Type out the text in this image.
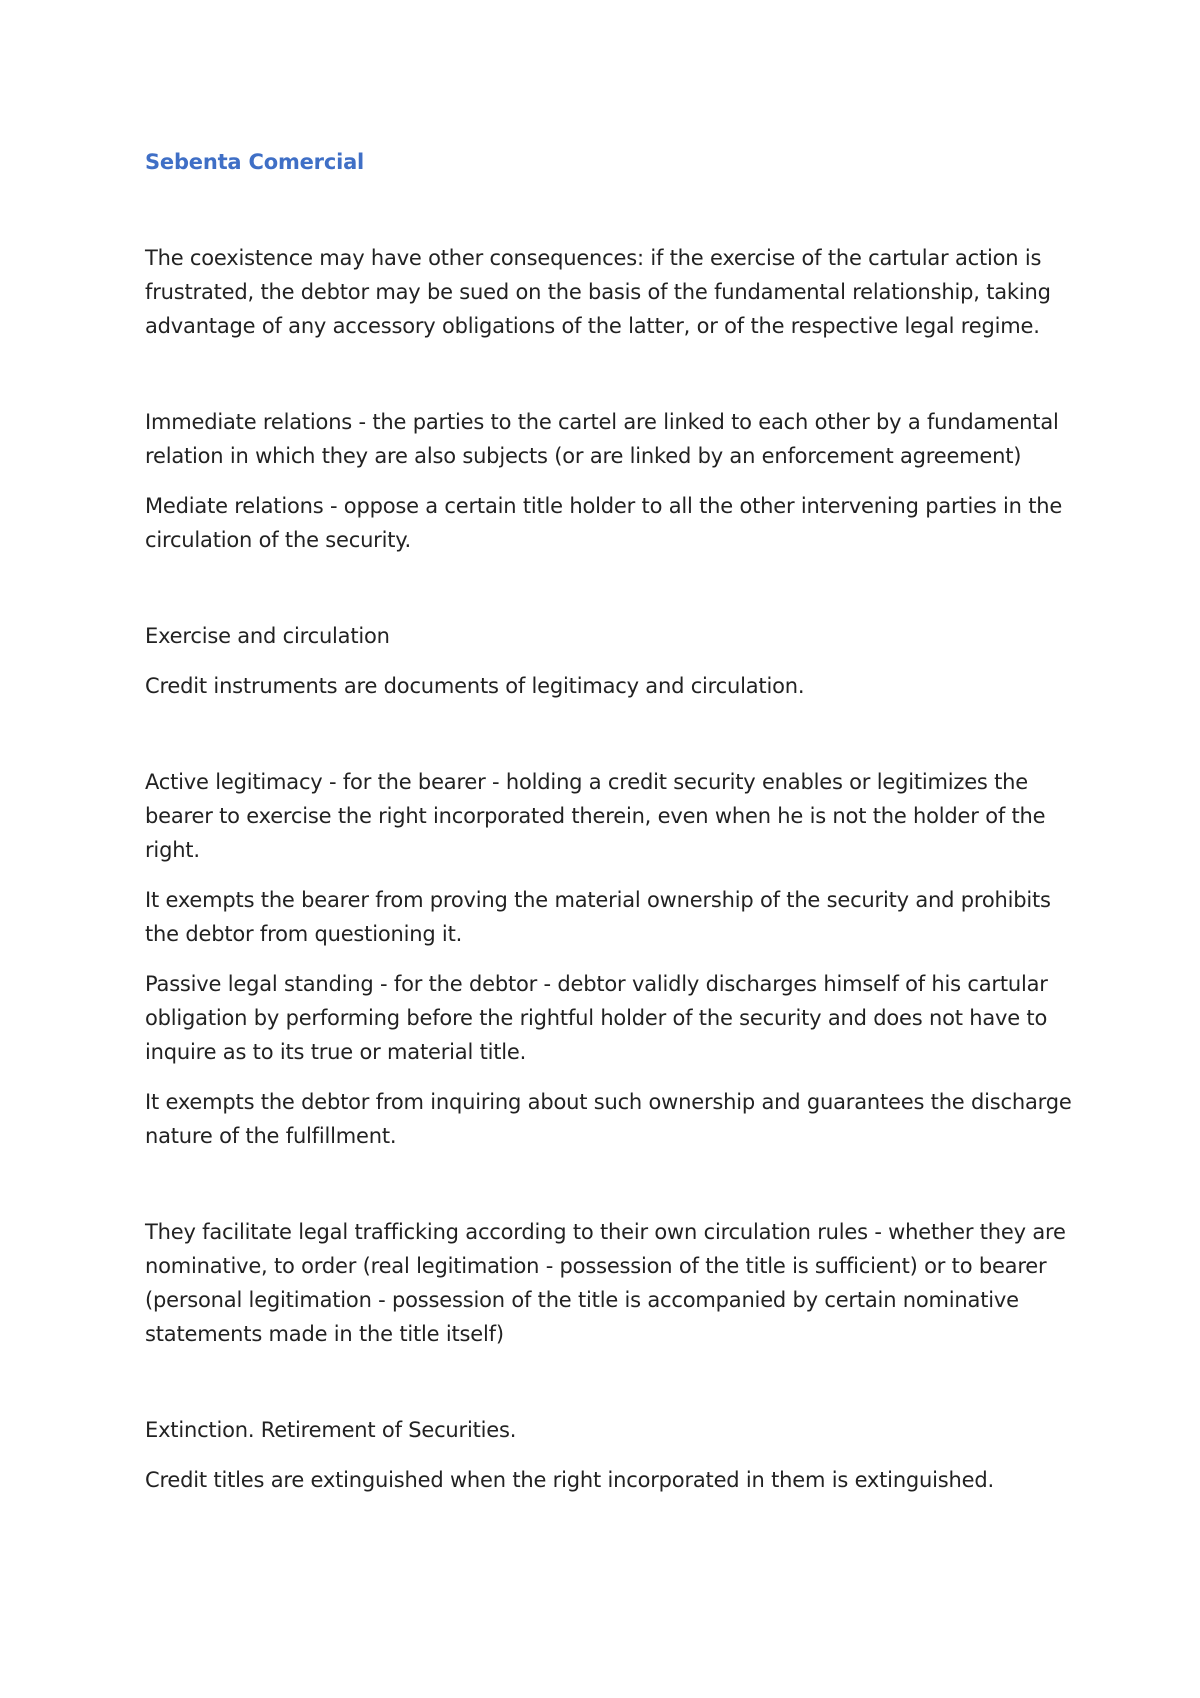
Sebenta Comercial

The coexistence may have other consequences: if the exercise of the cartular action is frustrated, the debtor may be sued on the basis of the fundamental relationship, taking advantage of any accessory obligations of the latter, or of the respective legal regime.

Immediate relations - the parties to the cartel are linked to each other by a fundamental relation in which they are also subjects (or are linked by an enforcement agreement)

Mediate relations - oppose a certain title holder to all the other intervening parties in the circulation of the security.

Exercise and circulation

Credit instruments are documents of legitimacy and circulation.

Active legitimacy - for the bearer - holding a credit security enables or legitimizes the bearer to exercise the right incorporated therein, even when he is not the holder of the right.

It exempts the bearer from proving the material ownership of the security and prohibits the debtor from questioning it.

Passive legal standing - for the debtor - debtor validly discharges himself of his cartular obligation by performing before the rightful holder of the security and does not have to inquire as to its true or material title.

It exempts the debtor from inquiring about such ownership and guarantees the discharge nature of the fulfillment.

They facilitate legal trafficking according to their own circulation rules - whether they are nominative, to order (real legitimation - possession of the title is sufficient) or to bearer (personal legitimation - possession of the title is accompanied by certain nominative statements made in the title itself)

Extinction. Retirement of Securities.

Credit titles are extinguished when the right incorporated in them is extinguished.
